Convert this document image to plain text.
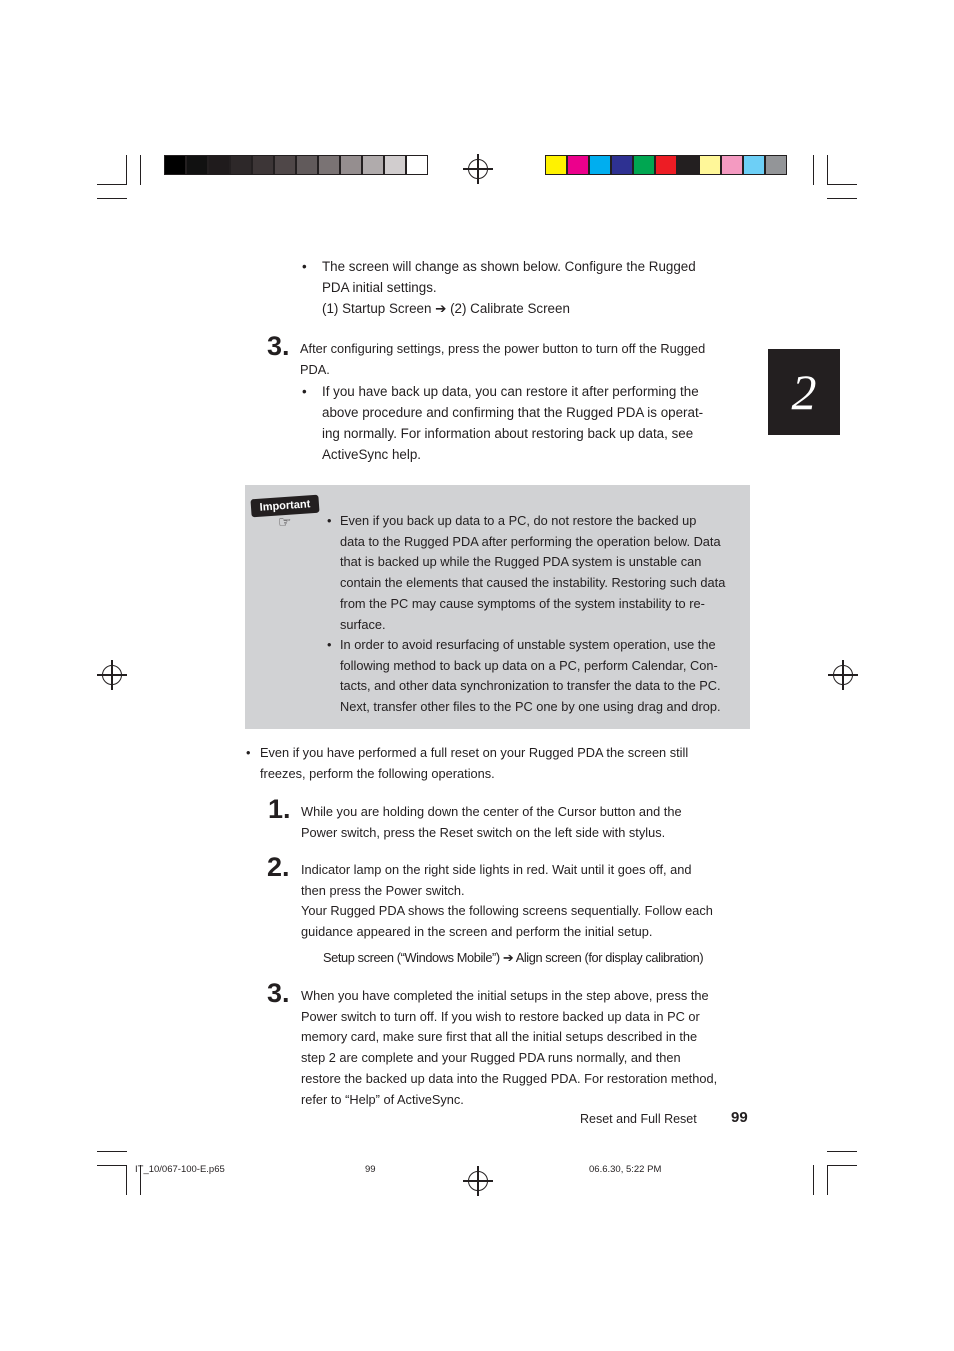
2
• The screen will change as shown below. Configure the Rugged
PDA initial settings.
(1) Startup Screen ➔ (2) Calibrate Screen
3. After configuring settings, press the power button to turn off the Rugged
PDA.
• If you have back up data, you can restore it after performing the
above procedure and confirming that the Rugged PDA is operat-
ing normally. For information about restoring back up data, see
ActiveSync help.
Important
☞	• Even if you back up data to a PC, do not restore the backed up
data to the Rugged PDA after performing the operation below. Data
that is backed up while the Rugged PDA system is unstable can
contain the elements that caused the instability. Restoring such data
from the PC may cause symptoms of the system instability to re-
surface.
• In order to avoid resurfacing of unstable system operation, use the
following method to back up data on a PC, perform Calendar, Con-
tacts, and other data synchronization to transfer the data to the PC.
Next, transfer other files to the PC one by one using drag and drop.
• Even if you have performed a full reset on your Rugged PDA the screen still
freezes, perform the following operations.
1. While you are holding down the center of the Cursor button and the
Power switch, press the Reset switch on the left side with stylus.
2. Indicator lamp on the right side lights in red. Wait until it goes off, and
then press the Power switch.
Your Rugged PDA shows the following screens sequentially. Follow each
guidance appeared in the screen and perform the initial setup.
Setup screen (“Windows Mobile”) ➔ Align screen (for display calibration)
3. When you have completed the initial setups in the step above, press the
Power switch to turn off. If you wish to restore backed up data in PC or
memory card, make sure first that all the initial setups described in the
step 2 are complete and your Rugged PDA runs normally, and then
restore the backed up data into the Rugged PDA. For restoration method,
refer to “Help” of ActiveSync.
Reset and Full Reset 99
IT_10/067-100-E.p65	99	06.6.30, 5:22 PM
